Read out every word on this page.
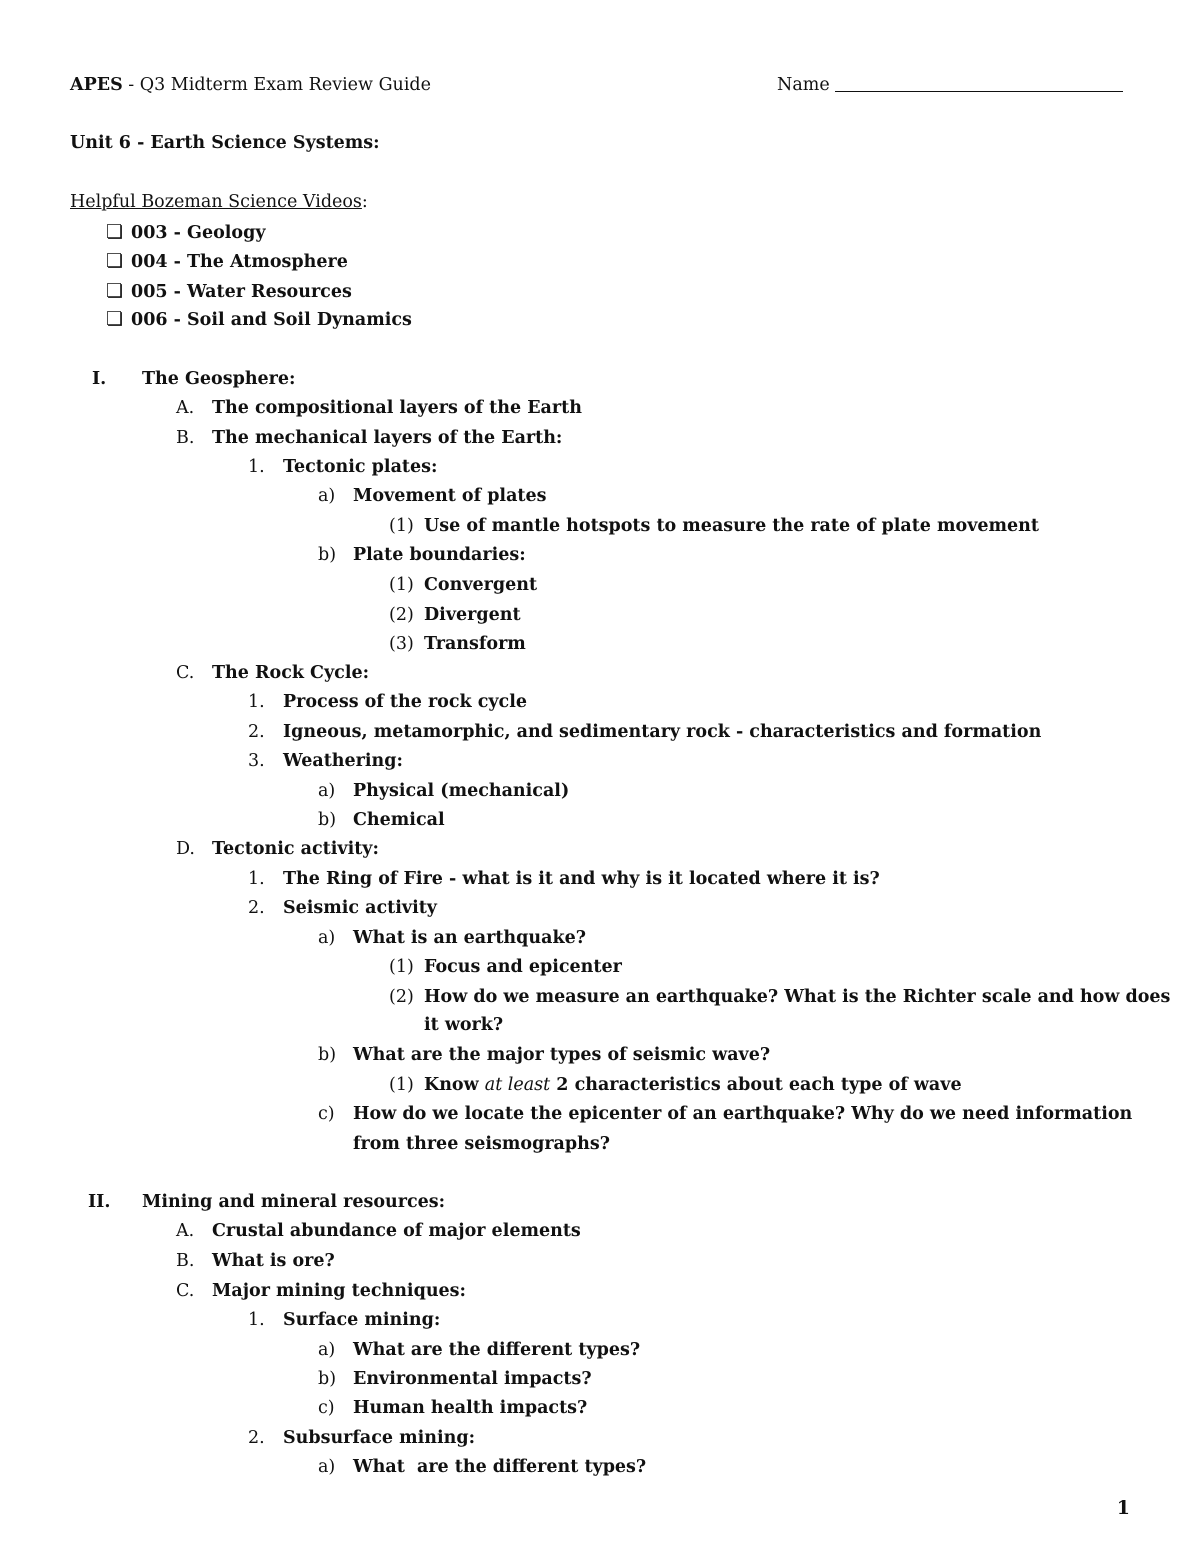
APES - Q3 Midterm Exam Review Guide	Name
Unit 6 - Earth Science Systems:
Helpful Bozeman Science Videos:
❏ 003 - Geology
❏ 004 - The Atmosphere
❏ 005 - Water Resources
❏ 006 - Soil and Soil Dynamics
I. The Geosphere:
A. The compositional layers of the Earth
B. The mechanical layers of the Earth:
1. Tectonic plates:
a) Movement of plates
(1) Use of mantle hotspots to measure the rate of plate movement
b) Plate boundaries:
(1) Convergent
(2) Divergent
(3) Transform
C. The Rock Cycle:
1. Process of the rock cycle
2. Igneous, metamorphic, and sedimentary rock - characteristics and formation
3. Weathering:
a) Physical (mechanical)
b) Chemical
D. Tectonic activity:
1. The Ring of Fire - what is it and why is it located where it is?
2. Seismic activity
a) What is an earthquake?
(1) Focus and epicenter
(2) How do we measure an earthquake? What is the Richter scale and how does
it work?
b) What are the major types of seismic wave?
(1) Know at least 2 characteristics about each type of wave
c) How do we locate the epicenter of an earthquake? Why do we need information
from three seismographs?
II. Mining and mineral resources:
A. Crustal abundance of major elements
B. What is ore?
C. Major mining techniques:
1. Surface mining:
a) What are the different types?
b) Environmental impacts?
c) Human health impacts?
2. Subsurface mining:
a) What  are the different types?
1
